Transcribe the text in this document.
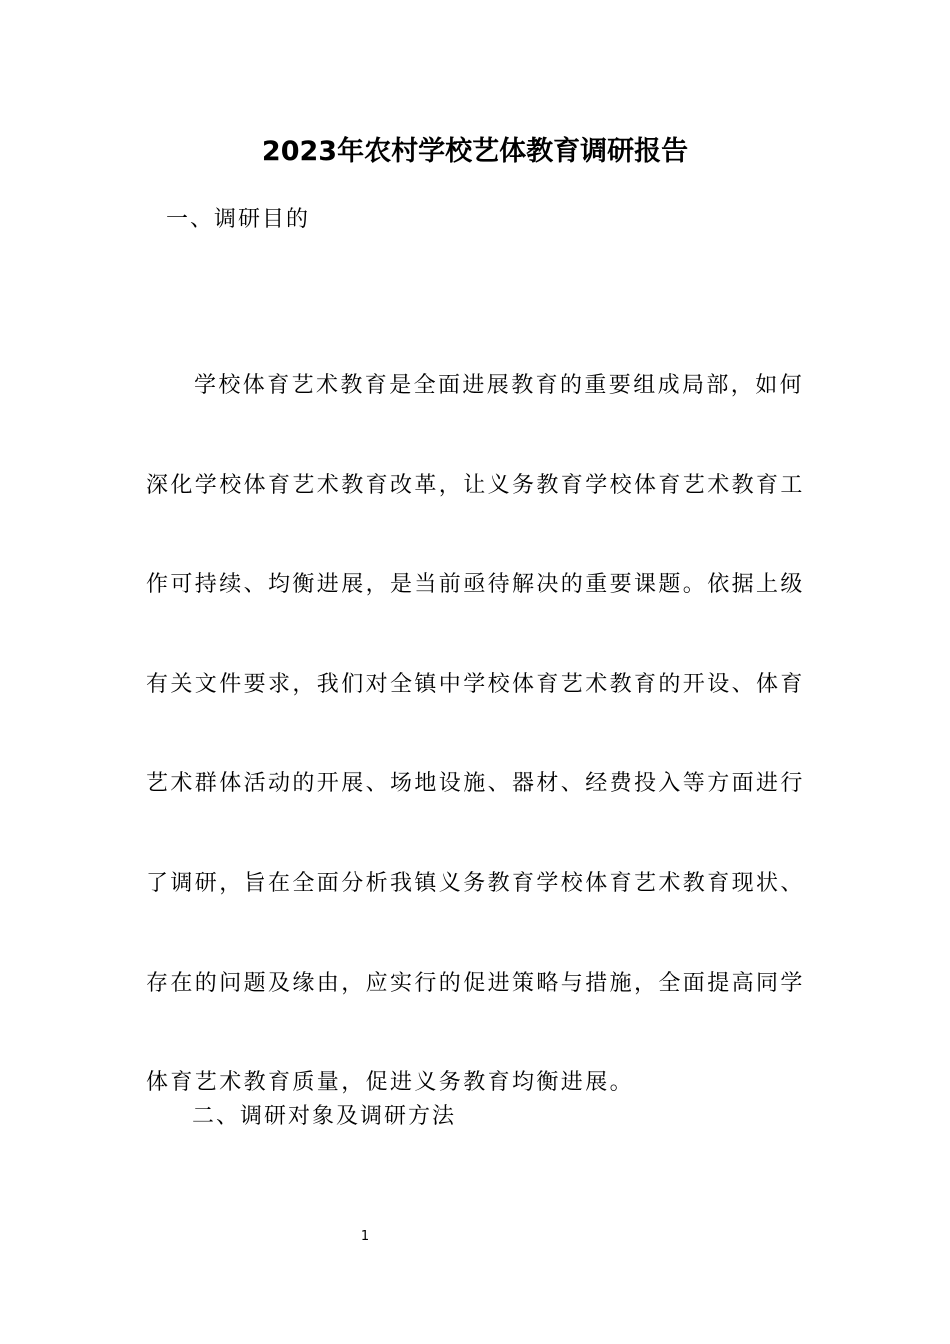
2023年农村学校艺体教育调研报告
一、调研目的
学校体育艺术教育是全面进展教育的重要组成局部，如何
深化学校体育艺术教育改革，让义务教育学校体育艺术教育工
作可持续、均衡进展，是当前亟待解决的重要课题。依据上级
有关文件要求，我们对全镇中学校体育艺术教育的开设、体育
艺术群体活动的开展、场地设施、器材、经费投入等方面进行
了调研，旨在全面分析我镇义务教育学校体育艺术教育现状、
存在的问题及缘由，应实行的促进策略与措施，全面提高同学
体育艺术教育质量，促进义务教育均衡进展。
二、调研对象及调研方法
1
